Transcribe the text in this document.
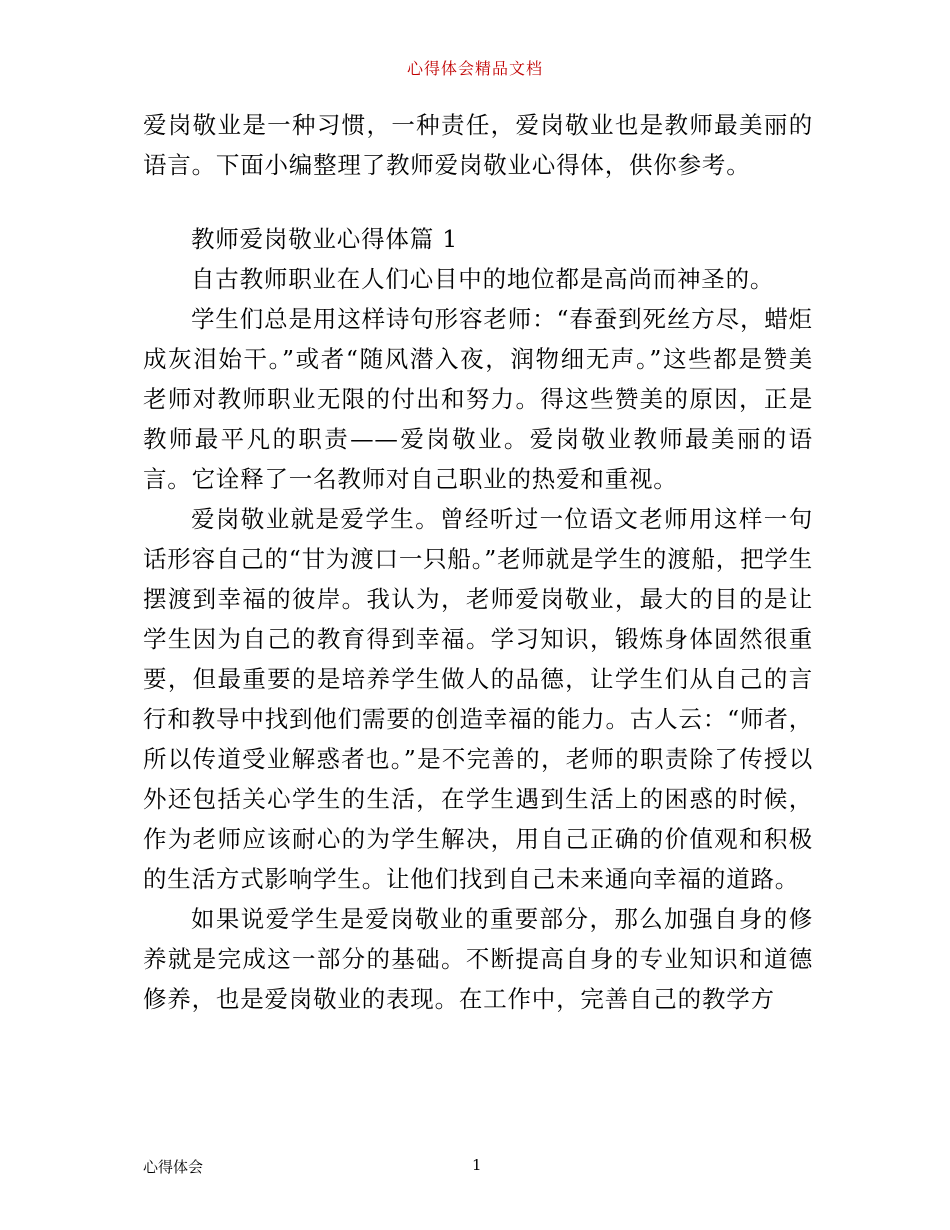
心得体会精品文档

爱岗敬业是一种习惯，一种责任，爱岗敬业也是教师最美丽的语言。下面小编整理了教师爱岗敬业心得体，供你参考。

教师爱岗敬业心得体篇 1

自古教师职业在人们心目中的地位都是高尚而神圣的。

学生们总是用这样诗句形容老师：“春蚕到死丝方尽，蜡炬成灰泪始干。”或者“随风潜入夜，润物细无声。”这些都是赞美老师对教师职业无限的付出和努力。得这些赞美的原因，正是教师最平凡的职责——爱岗敬业。爱岗敬业教师最美丽的语言。它诠释了一名教师对自己职业的热爱和重视。

爱岗敬业就是爱学生。曾经听过一位语文老师用这样一句话形容自己的“甘为渡口一只船。”老师就是学生的渡船，把学生摆渡到幸福的彼岸。我认为，老师爱岗敬业，最大的目的是让学生因为自己的教育得到幸福。学习知识，锻炼身体固然很重要，但最重要的是培养学生做人的品德，让学生们从自己的言行和教导中找到他们需要的创造幸福的能力。古人云：“师者，所以传道受业解惑者也。”是不完善的，老师的职责除了传授以外还包括关心学生的生活，在学生遇到生活上的困惑的时候，作为老师应该耐心的为学生解决，用自己正确的价值观和积极的生活方式影响学生。让他们找到自己未来通向幸福的道路。

如果说爱学生是爱岗敬业的重要部分，那么加强自身的修养就是完成这一部分的基础。不断提高自身的专业知识和道德修养，也是爱岗敬业的表现。在工作中，完善自己的教学方

心得体会	1
